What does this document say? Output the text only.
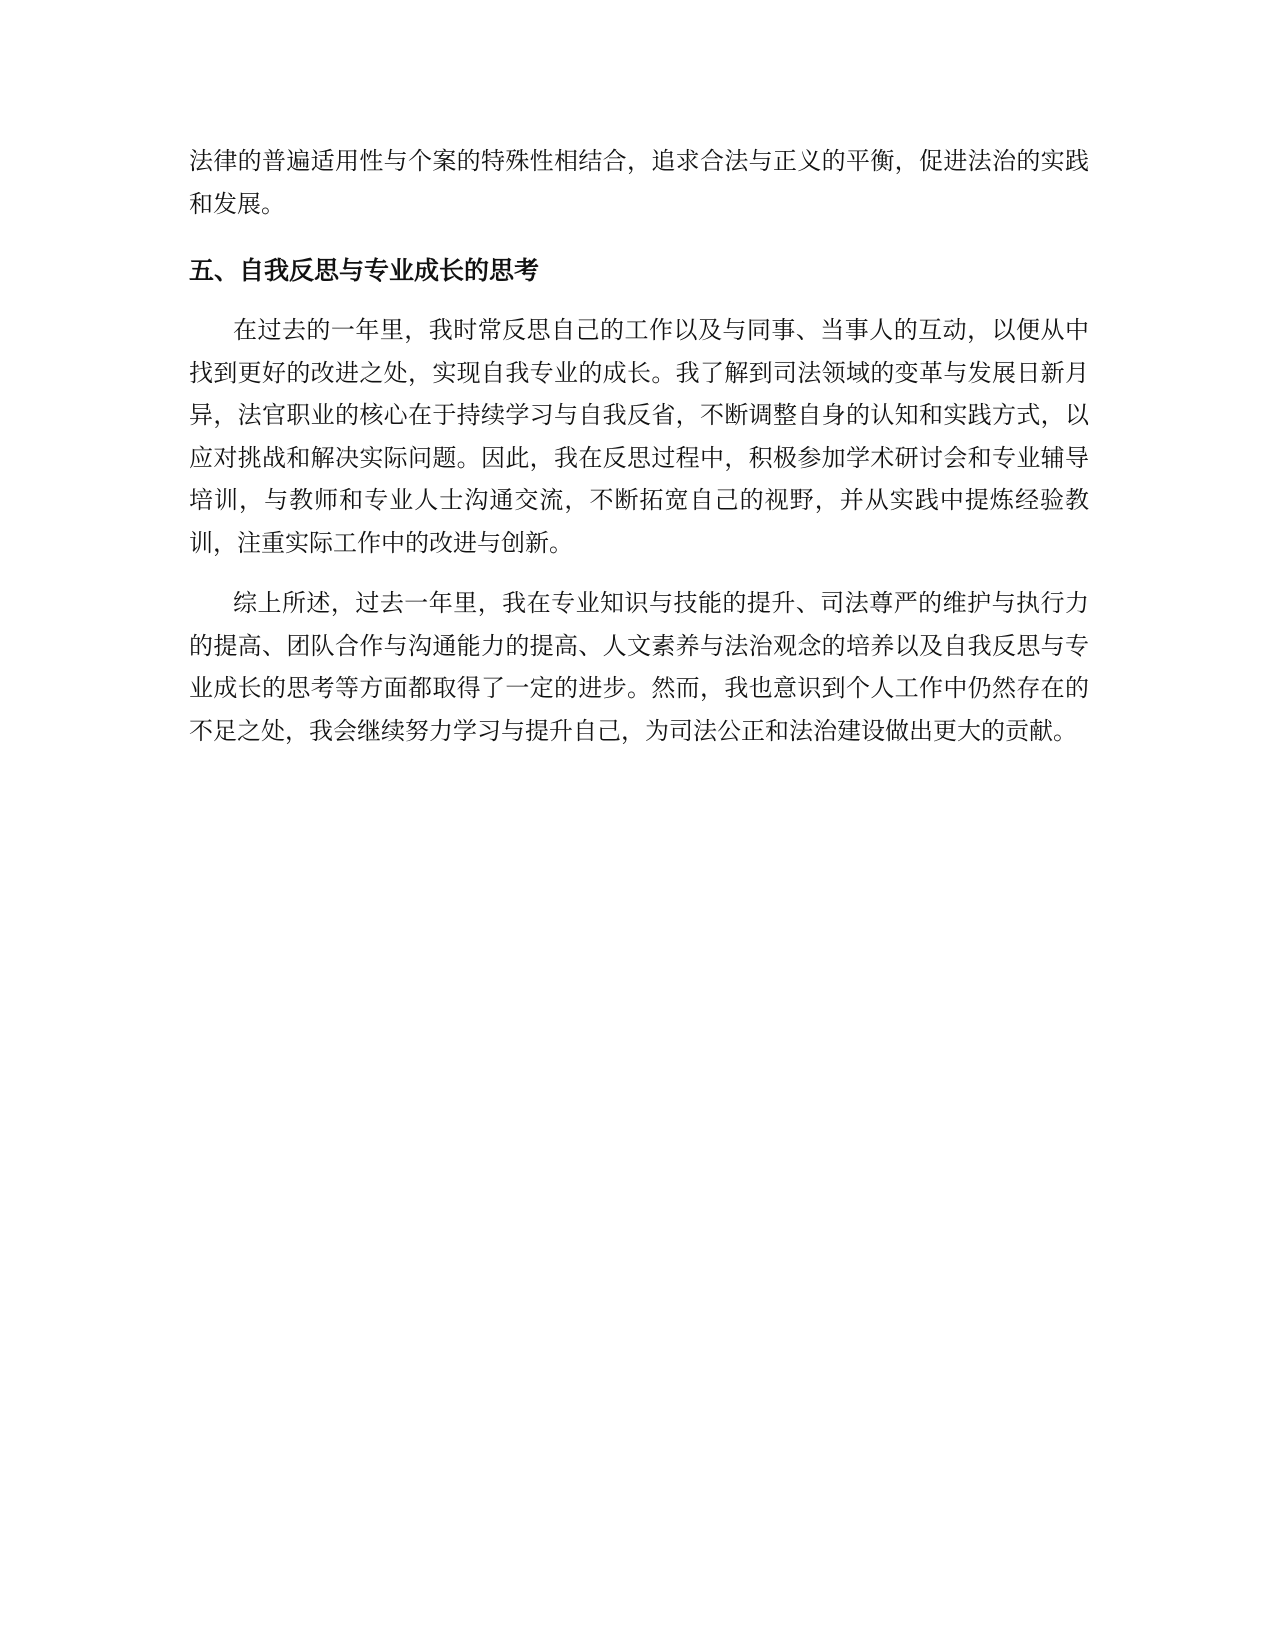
法律的普遍适用性与个案的特殊性相结合，追求合法与正义的平衡，促进法治的实践和发展。

五、自我反思与专业成长的思考

在过去的一年里，我时常反思自己的工作以及与同事、当事人的互动，以便从中找到更好的改进之处，实现自我专业的成长。我了解到司法领域的变革与发展日新月异，法官职业的核心在于持续学习与自我反省，不断调整自身的认知和实践方式，以应对挑战和解决实际问题。因此，我在反思过程中，积极参加学术研讨会和专业辅导培训，与教师和专业人士沟通交流，不断拓宽自己的视野，并从实践中提炼经验教训，注重实际工作中的改进与创新。

综上所述，过去一年里，我在专业知识与技能的提升、司法尊严的维护与执行力的提高、团队合作与沟通能力的提高、人文素养与法治观念的培养以及自我反思与专业成长的思考等方面都取得了一定的进步。然而，我也意识到个人工作中仍然存在的不足之处，我会继续努力学习与提升自己，为司法公正和法治建设做出更大的贡献。
